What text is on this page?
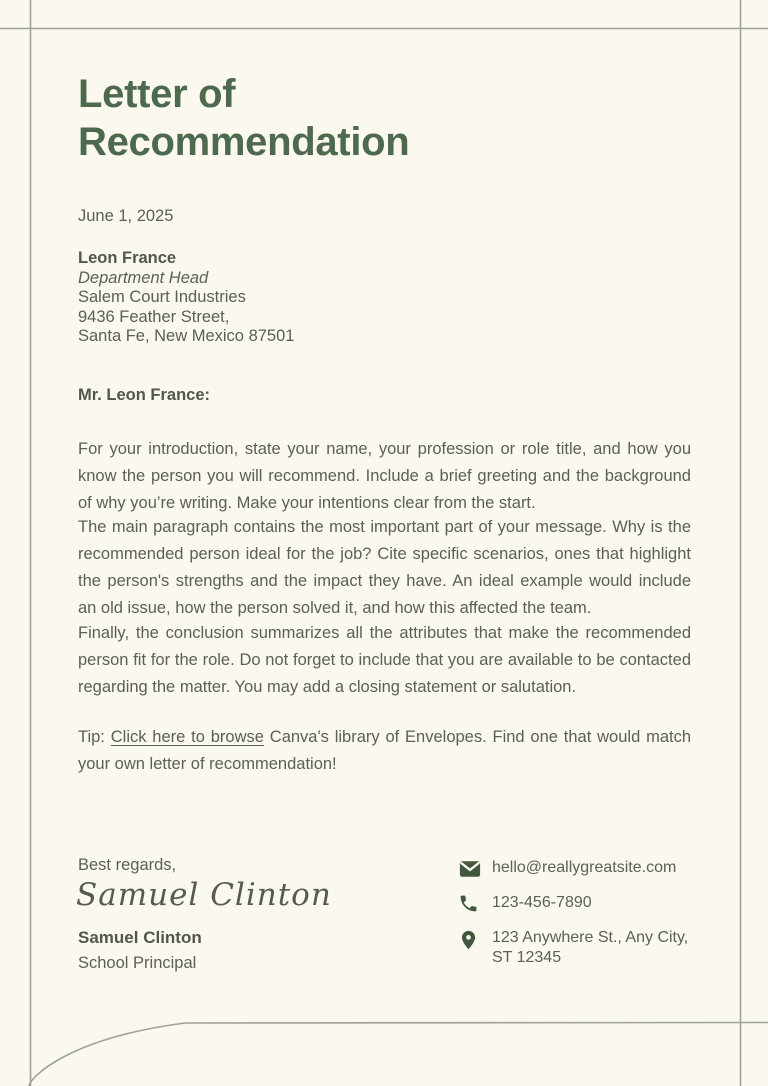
Letter of Recommendation
June 1, 2025
Leon France
Department Head
Salem Court Industries
9436 Feather Street,
Santa Fe, New Mexico 87501
Mr. Leon France:
For your introduction, state your name, your profession or role title, and how you know the person you will recommend. Include a brief greeting and the background of why you’re writing. Make your intentions clear from the start.
The main paragraph contains the most important part of your message. Why is the recommended person ideal for the job? Cite specific scenarios, ones that highlight the person's strengths and the impact they have. An ideal example would include an old issue, how the person solved it, and how this affected the team.
Finally, the conclusion summarizes all the attributes that make the recommended person fit for the role. Do not forget to include that you are available to be contacted regarding the matter. You may add a closing statement or salutation.
Tip: Click here to browse Canva's library of Envelopes. Find one that would match your own letter of recommendation!
Best regards,
Samuel Clinton
Samuel Clinton
School Principal
hello@reallygreatsite.com
123-456-7890
123 Anywhere St., Any City,
ST 12345
